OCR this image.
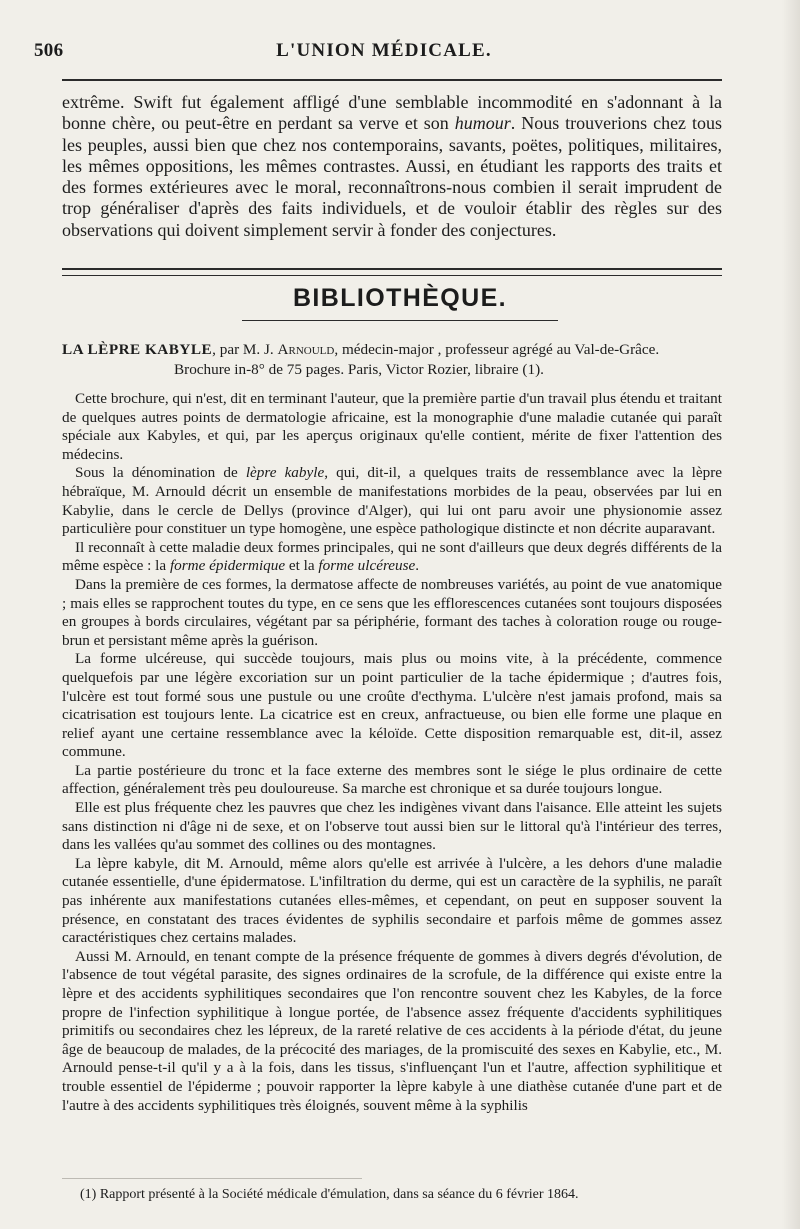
506	L'UNION MÉDICALE.

extrême. Swift fut également affligé d'une semblable incommodité en s'adonnant à la bonne chère, ou peut-être en perdant sa verve et son humour. Nous trouverions chez tous les peuples, aussi bien que chez nos contemporains, savants, poëtes, politiques, militaires, les mêmes oppositions, les mêmes contrastes. Aussi, en étudiant les rapports des traits et des formes extérieures avec le moral, reconnaîtrons-nous combien il serait imprudent de trop généraliser d'après des faits individuels, et de vouloir établir des règles sur des observations qui doivent simplement servir à fonder des conjectures.

BIBLIOTHÈQUE.
LA LÈPRE KABYLE, par M. J. Arnould, médecin-major , professeur agrégé au Val-de-Grâce.
Brochure in-8° de 75 pages. Paris, Victor Rozier, libraire (1).

Cette brochure, qui n'est, dit en terminant l'auteur, que la première partie d'un travail plus étendu et traitant de quelques autres points de dermatologie africaine, est la monographie d'une maladie cutanée qui paraît spéciale aux Kabyles, et qui, par les aperçus originaux qu'elle contient, mérite de fixer l'attention des médecins.

Sous la dénomination de lèpre kabyle, qui, dit-il, a quelques traits de ressemblance avec la lèpre hébraïque, M. Arnould décrit un ensemble de manifestations morbides de la peau, observées par lui en Kabylie, dans le cercle de Dellys (province d'Alger), qui lui ont paru avoir une physionomie assez particulière pour constituer un type homogène, une espèce pathologique distincte et non décrite auparavant.

Il reconnaît à cette maladie deux formes principales, qui ne sont d'ailleurs que deux degrés différents de la même espèce : la forme épidermique et la forme ulcéreuse.

Dans la première de ces formes, la dermatose affecte de nombreuses variétés, au point de vue anatomique ; mais elles se rapprochent toutes du type, en ce sens que les efflorescences cutanées sont toujours disposées en groupes à bords circulaires, végétant par sa périphérie, formant des taches à coloration rouge ou rouge-brun et persistant même après la guérison.

La forme ulcéreuse, qui succède toujours, mais plus ou moins vite, à la précédente, commence quelquefois par une légère excoriation sur un point particulier de la tache épidermique ; d'autres fois, l'ulcère est tout formé sous une pustule ou une croûte d'ecthyma. L'ulcère n'est jamais profond, mais sa cicatrisation est toujours lente. La cicatrice est en creux, anfractueuse, ou bien elle forme une plaque en relief ayant une certaine ressemblance avec la kéloïde. Cette disposition remarquable est, dit-il, assez commune.

La partie postérieure du tronc et la face externe des membres sont le siége le plus ordinaire de cette affection, généralement très peu douloureuse. Sa marche est chronique et sa durée toujours longue.

Elle est plus fréquente chez les pauvres que chez les indigènes vivant dans l'aisance. Elle atteint les sujets sans distinction ni d'âge ni de sexe, et on l'observe tout aussi bien sur le littoral qu'à l'intérieur des terres, dans les vallées qu'au sommet des collines ou des montagnes.

La lèpre kabyle, dit M. Arnould, même alors qu'elle est arrivée à l'ulcère, a les dehors d'une maladie cutanée essentielle, d'une épidermatose. L'infiltration du derme, qui est un caractère de la syphilis, ne paraît pas inhérente aux manifestations cutanées elles-mêmes, et cependant, on peut en supposer souvent la présence, en constatant des traces évidentes de syphilis secondaire et parfois même de gommes assez caractéristiques chez certains malades.

Aussi M. Arnould, en tenant compte de la présence fréquente de gommes à divers degrés d'évolution, de l'absence de tout végétal parasite, des signes ordinaires de la scrofule, de la différence qui existe entre la lèpre et des accidents syphilitiques secondaires que l'on rencontre souvent chez les Kabyles, de la force propre de l'infection syphilitique à longue portée, de l'absence assez fréquente d'accidents syphilitiques primitifs ou secondaires chez les lépreux, de la rareté relative de ces accidents à la période d'état, du jeune âge de beaucoup de malades, de la précocité des mariages, de la promiscuité des sexes en Kabylie, etc., M. Arnould pense-t-il qu'il y a à la fois, dans les tissus, s'influençant l'un et l'autre, affection syphilitique et trouble essentiel de l'épiderme ; pouvoir rapporter la lèpre kabyle à une diathèse cutanée d'une part et de l'autre à des accidents syphilitiques très éloignés, souvent même à la syphilis

(1) Rapport présenté à la Société médicale d'émulation, dans sa séance du 6 février 1864.
